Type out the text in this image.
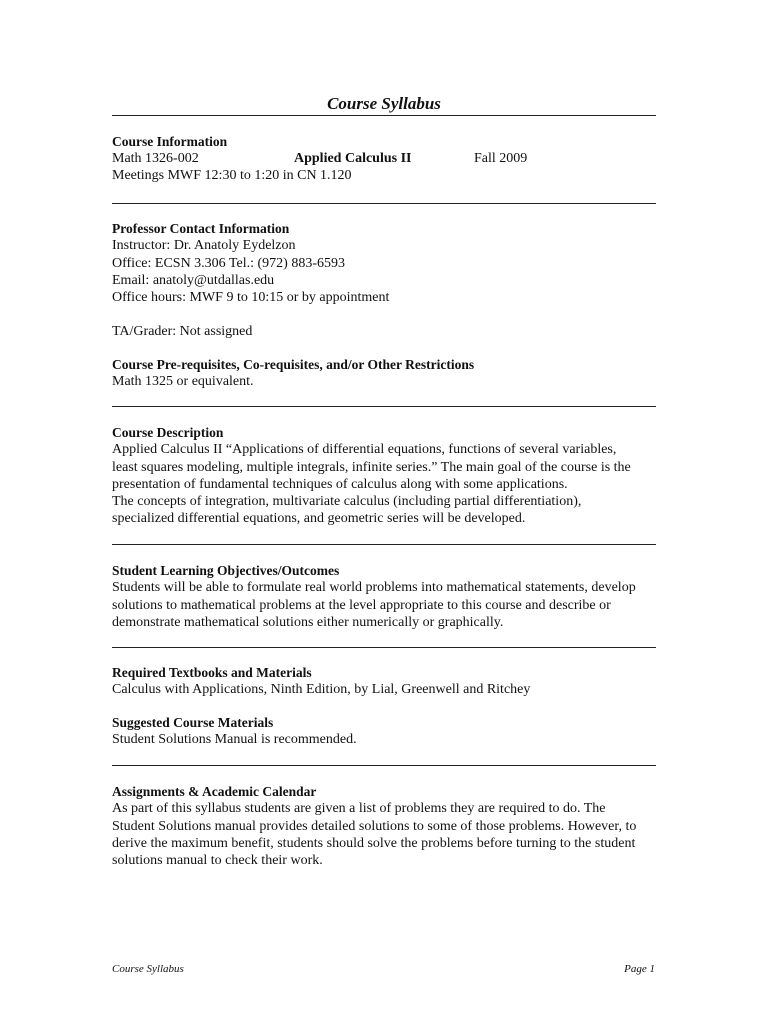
Course Syllabus
Course Information
Math 1326-002	Applied Calculus II	Fall 2009
Meetings MWF 12:30 to 1:20 in CN 1.120
Professor Contact Information
Instructor: Dr. Anatoly Eydelzon
Office: ECSN 3.306 Tel.: (972) 883-6593
Email: anatoly@utdallas.edu
Office hours: MWF 9 to 10:15 or by appointment
TA/Grader: Not assigned
Course Pre-requisites, Co-requisites, and/or Other Restrictions
Math 1325 or equivalent.
Course Description
Applied Calculus II “Applications of differential equations, functions of several variables,
least squares modeling, multiple integrals, infinite series.” The main goal of the course is the
presentation of fundamental techniques of calculus along with some applications.
The concepts of integration, multivariate calculus (including partial differentiation),
specialized differential equations, and geometric series will be developed.
Student Learning Objectives/Outcomes
Students will be able to formulate real world problems into mathematical statements, develop
solutions to mathematical problems at the level appropriate to this course and describe or
demonstrate mathematical solutions either numerically or graphically.
Required Textbooks and Materials
Calculus with Applications, Ninth Edition, by Lial, Greenwell and Ritchey
Suggested Course Materials
Student Solutions Manual is recommended.
Assignments & Academic Calendar
As part of this syllabus students are given a list of problems they are required to do. The
Student Solutions manual provides detailed solutions to some of those problems. However, to
derive the maximum benefit, students should solve the problems before turning to the student
solutions manual to check their work.
Course Syllabus	Page 1
